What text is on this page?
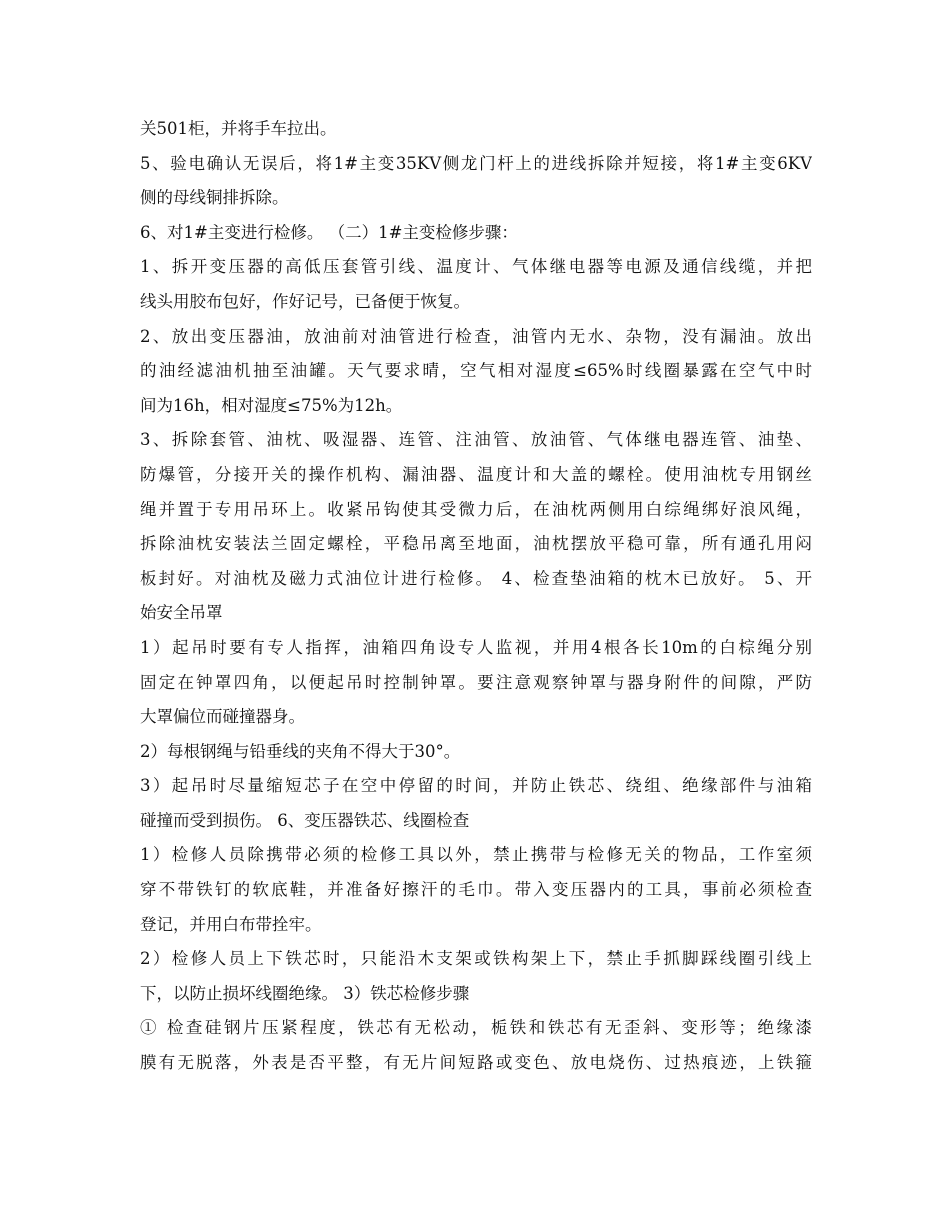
关501柜，并将手车拉出。
5、验电确认无误后，将1#主变35KV侧龙门杆上的进线拆除并短接，将1#主变6KV
侧的母线铜排拆除。
6、对1#主变进行检修。 （二）1#主变检修步骤：
1、拆开变压器的高低压套管引线、温度计、气体继电器等电源及通信线缆，并把
线头用胶布包好，作好记号，已备便于恢复。
2、放出变压器油，放油前对油管进行检查，油管内无水、杂物，没有漏油。放出
的油经滤油机抽至油罐。天气要求晴，空气相对湿度≤65%时线圈暴露在空气中时
间为16h，相对湿度≤75%为12h。
3、拆除套管、油枕、吸湿器、连管、注油管、放油管、气体继电器连管、油垫、
防爆管，分接开关的操作机构、漏油器、温度计和大盖的螺栓。使用油枕专用钢丝
绳并置于专用吊环上。收紧吊钩使其受微力后，在油枕两侧用白综绳绑好浪风绳，
拆除油枕安装法兰固定螺栓，平稳吊离至地面，油枕摆放平稳可靠，所有通孔用闷
板封好。对油枕及磁力式油位计进行检修。 4、检查垫油箱的枕木已放好。 5、开
始安全吊罩
1）起吊时要有专人指挥，油箱四角设专人监视，并用4根各长10m的白棕绳分别
固定在钟罩四角，以便起吊时控制钟罩。要注意观察钟罩与器身附件的间隙，严防
大罩偏位而碰撞器身。
2）每根钢绳与铅垂线的夹角不得大于30°。
3）起吊时尽量缩短芯子在空中停留的时间，并防止铁芯、绕组、绝缘部件与油箱
碰撞而受到损伤。 6、变压器铁芯、线圈检查
1）检修人员除携带必须的检修工具以外，禁止携带与检修无关的物品，工作室须
穿不带铁钉的软底鞋，并准备好擦汗的毛巾。带入变压器内的工具，事前必须检查
登记，并用白布带拴牢。
2）检修人员上下铁芯时，只能沿木支架或铁构架上下，禁止手抓脚踩线圈引线上
下，以防止损坏线圈绝缘。 3）铁芯检修步骤
① 检查硅钢片压紧程度，铁芯有无松动，栀铁和铁芯有无歪斜、变形等；绝缘漆
膜有无脱落，外表是否平整，有无片间短路或变色、放电烧伤、过热痕迹，上铁箍
